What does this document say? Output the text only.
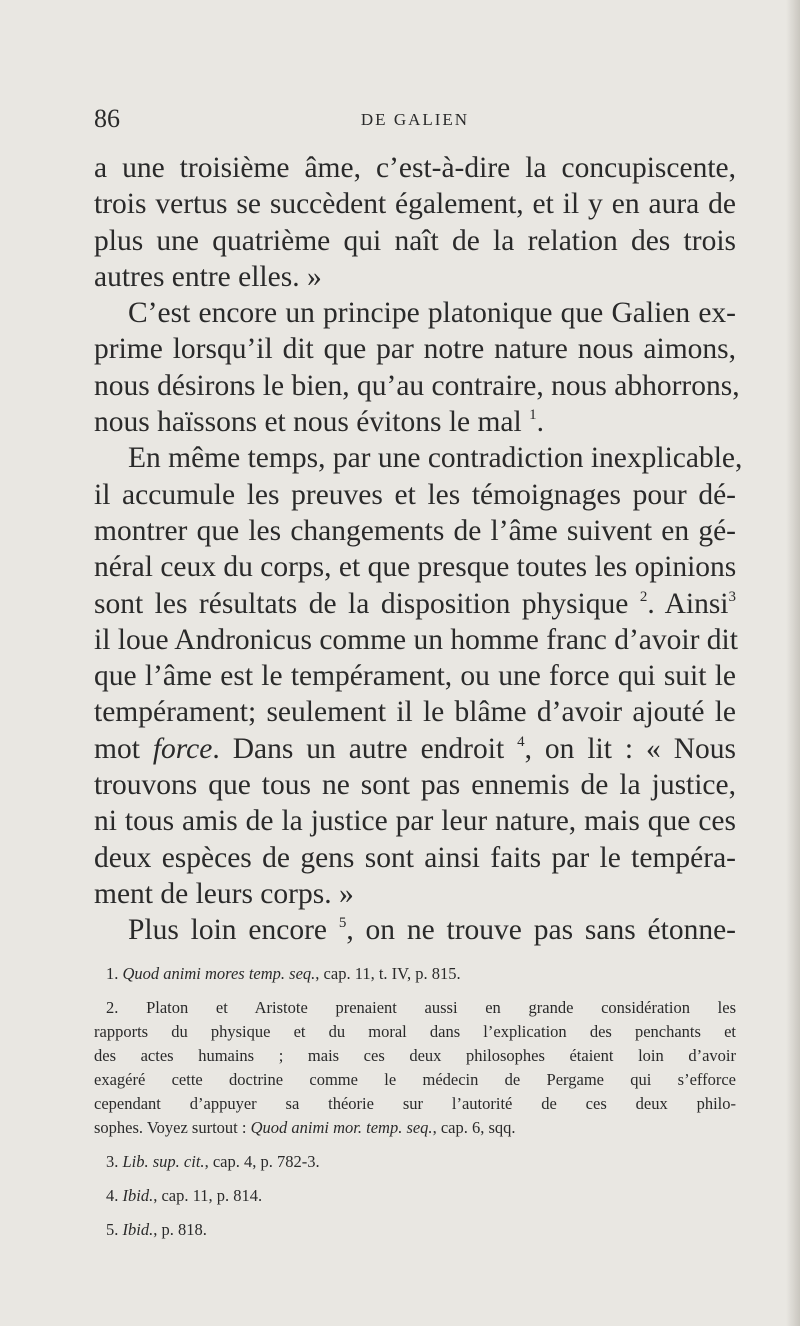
86	DE GALIEN
a une troisième âme, c’est-à-dire la concupiscente,
trois vertus se succèdent également, et il y en aura de
plus une quatrième qui naît de la relation des trois
autres entre elles. »
C’est encore un principe platonique que Galien ex-
prime lorsqu’il dit que par notre nature nous aimons,
nous désirons le bien, qu’au contraire, nous abhorrons,
nous haïssons et nous évitons le mal $^1$.
En même temps, par une contradiction inexplicable,
il accumule les preuves et les témoignages pour dé-
montrer que les changements de l’âme suivent en gé-
néral ceux du corps, et que presque toutes les opinions
sont les résultats de la disposition physique $^2$. Ainsi$^3$
il loue Andronicus comme un homme franc d’avoir dit
que l’âme est le tempérament, ou une force qui suit le
tempérament; seulement il le blâme d’avoir ajouté le
mot force. Dans un autre endroit $^4$, on lit : « Nous
trouvons que tous ne sont pas ennemis de la justice,
ni tous amis de la justice par leur nature, mais que ces
deux espèces de gens sont ainsi faits par le tempéra-
ment de leurs corps. »
Plus loin encore $^5$, on ne trouve pas sans étonne-
1. Quod animi mores temp. seq., cap. 11, t. IV, p. 815.
2. Platon et Aristote prenaient aussi en grande considération les
rapports du physique et du moral dans l’explication des penchants et
des actes humains ; mais ces deux philosophes étaient loin d’avoir
exagéré cette doctrine comme le médecin de Pergame qui s’efforce
cependant d’appuyer sa théorie sur l’autorité de ces deux philo-
sophes. Voyez surtout : Quod animi mor. temp. seq., cap. 6, sqq.
3. Lib. sup. cit., cap. 4, p. 782-3.
4. Ibid., cap. 11, p. 814.
5. Ibid., p. 818.
